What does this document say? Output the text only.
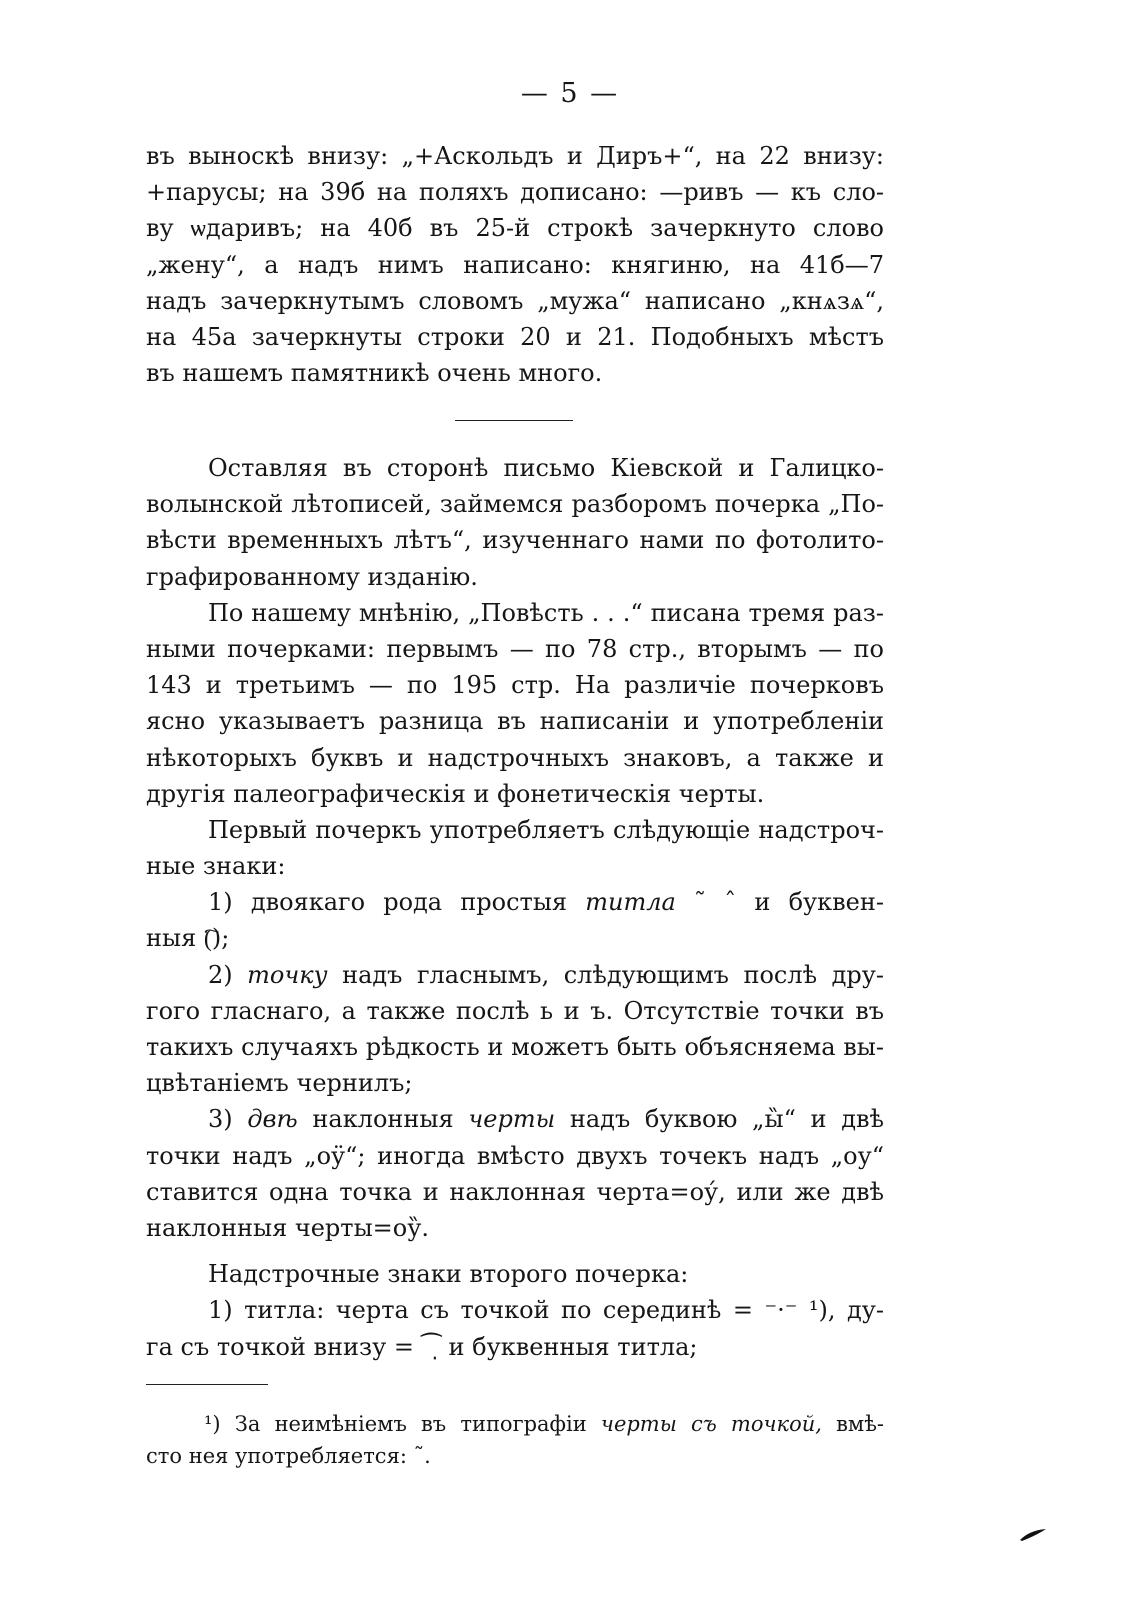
— 5 —
въ выноскѣ внизу: „+Аскольдъ и Диръ+“, на 22 внизу:
+парусы; на 39б на поляхъ дописано: —ривъ — къ сло-
ву ѡдаривъ; на 40б въ 25-й строкѣ зачеркнуто слово
„жену“, а надъ нимъ написано: княгиню, на 41б—7
надъ зачеркнутымъ словомъ „мужа“ написано „кнѧзѧ“,
на 45а зачеркнуты строки 20 и 21. Подобныхъ мѣстъ
въ нашемъ памятникѣ очень много.
Оставляя въ сторонѣ письмо Кіевской и Галицко-
волынской лѣтописей, займемся разборомъ почерка „По-
вѣсти временныхъ лѣтъ“, изученнаго нами по фотолито-
графированному изданію.
По нашему мнѣнію, „Повѣсть . . .“ писана тремя раз-
ными почерками: первымъ — по 78 стр., вторымъ — по
143 и третьимъ — по 195 стр. На различіе почерковъ
ясно указываетъ разница въ написаніи и употребленіи
нѣкоторыхъ буквъ и надстрочныхъ знаковъ, а также и
другія палеографическія и фонетическія черты.
Первый почеркъ употребляетъ слѣдующіе надстроч-
ные знаки:
1) двоякаго рода простыя титла ˜ ˆ и буквен-
ныя (҇);
2) точку надъ гласнымъ, слѣдующимъ послѣ дру-
гого гласнаго, а также послѣ ь и ъ. Отсутствіе точки въ
такихъ случаяхъ рѣдкость и можетъ быть объясняема вы-
цвѣтаніемъ чернилъ;
3) двѣ наклонныя черты надъ буквою „ы̏“ и двѣ
точки надъ „оӱ“; иногда вмѣсто двухъ точекъ надъ „оу“
ставится одна точка и наклонная черта=оу́, или же двѣ
наклонныя черты=оу̏.
Надстрочные знаки второго почерка:
1) титла: черта съ точкой по серединѣ = ⁻·⁻ ¹), ду-
га съ точкой внизу = ⁀̣ и буквенныя титла;
¹) За неимѣніемъ въ типографіи черты съ точкой, вмѣ-
сто нея употребляется: ˜.
